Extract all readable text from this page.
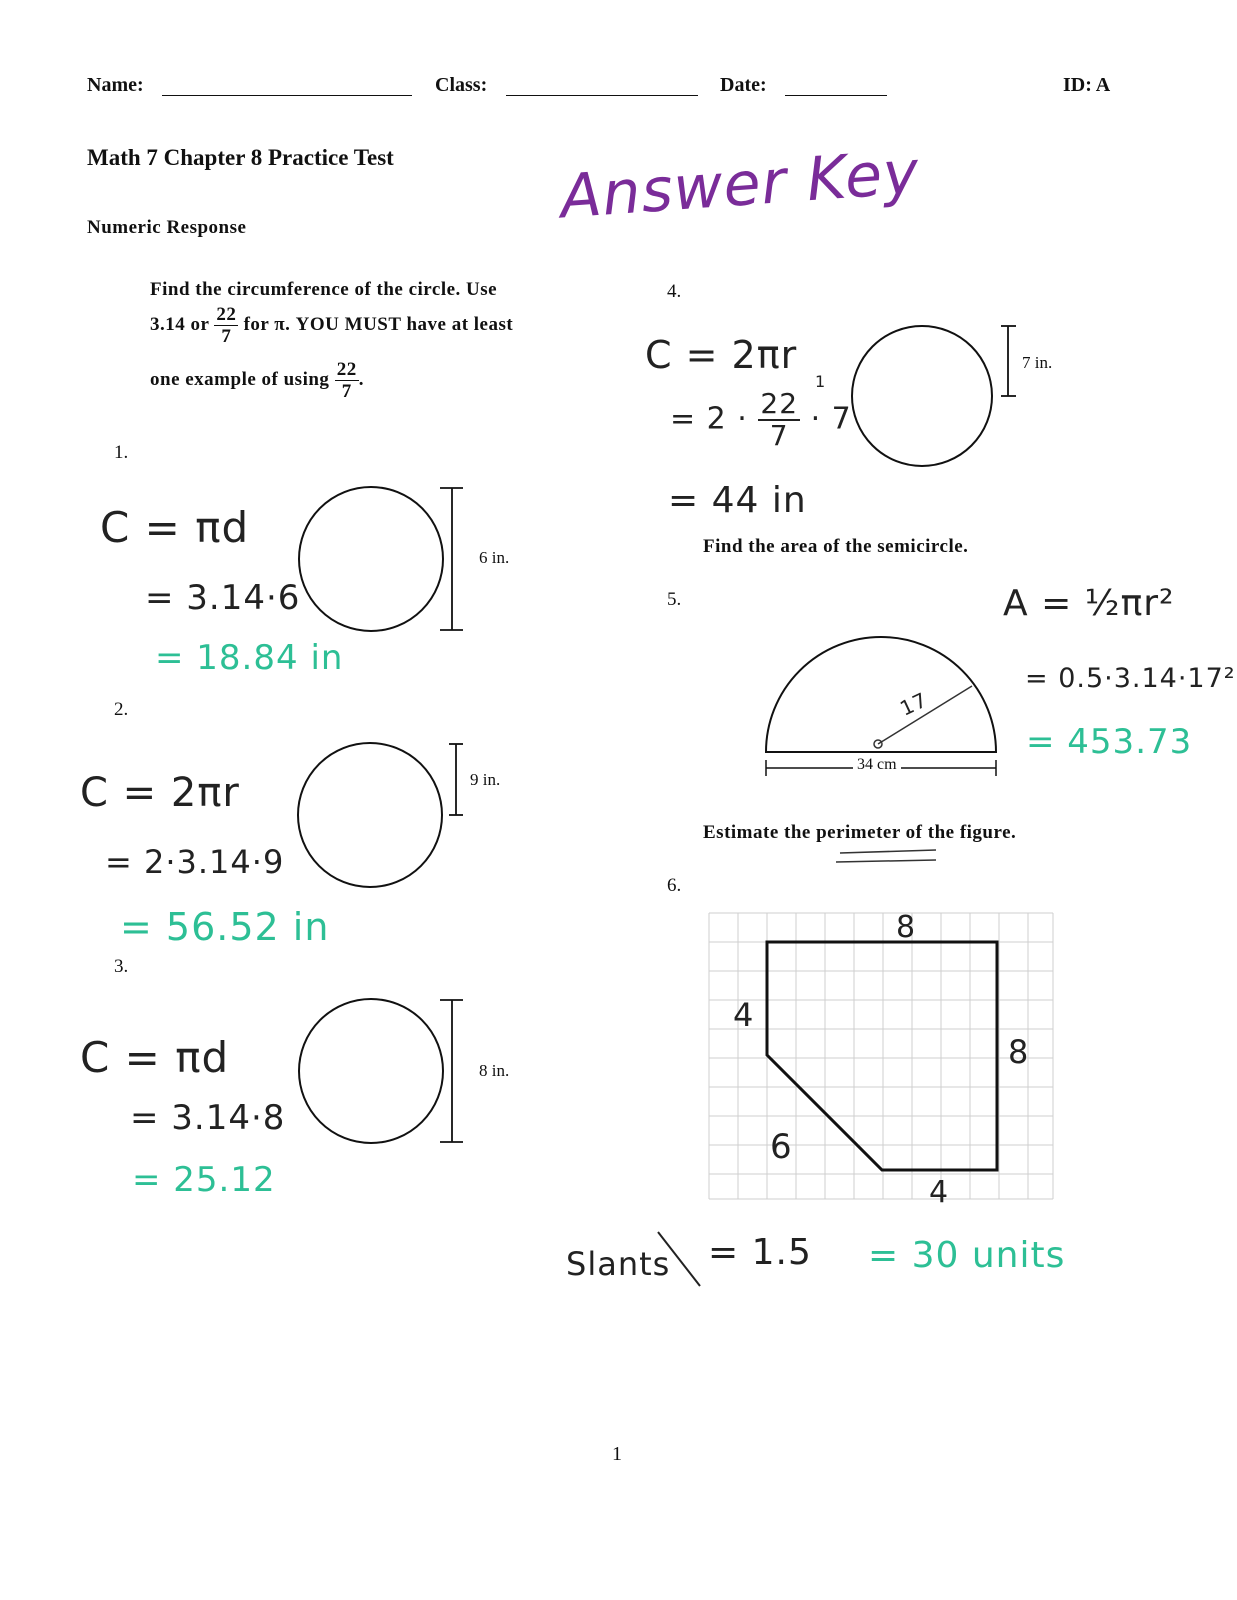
Name:	Class:	Date:	ID: A
Math 7 Chapter 8 Practice Test	Answer Key
Numeric Response
Find the circumference of the circle. Use
3.14 or $\frac{22}{7}$ for π. YOU MUST have at least
one example of using $\frac{22}{7}$ .
1.
6 in.
C = πd
= 3.14·6
= 18.84 in
2.
9 in.
C = 2πr
= 2·3.14·9
= 56.52 in
3.
8 in.
C = πd
= 3.14·8
= 25.12
4.
7 in.
C = 2πr
= $2 \cdot \frac{22}{7} \cdot 7$
1
= 44 in
Find the area of the semicircle.
5.
34 cm
17
A = ½πr²
= 0.5·3.14·17²
= 453.73
Estimate the perimeter of the figure.
6.
8
4
8
4
6
Slants = 1.5 = 30 units
1
